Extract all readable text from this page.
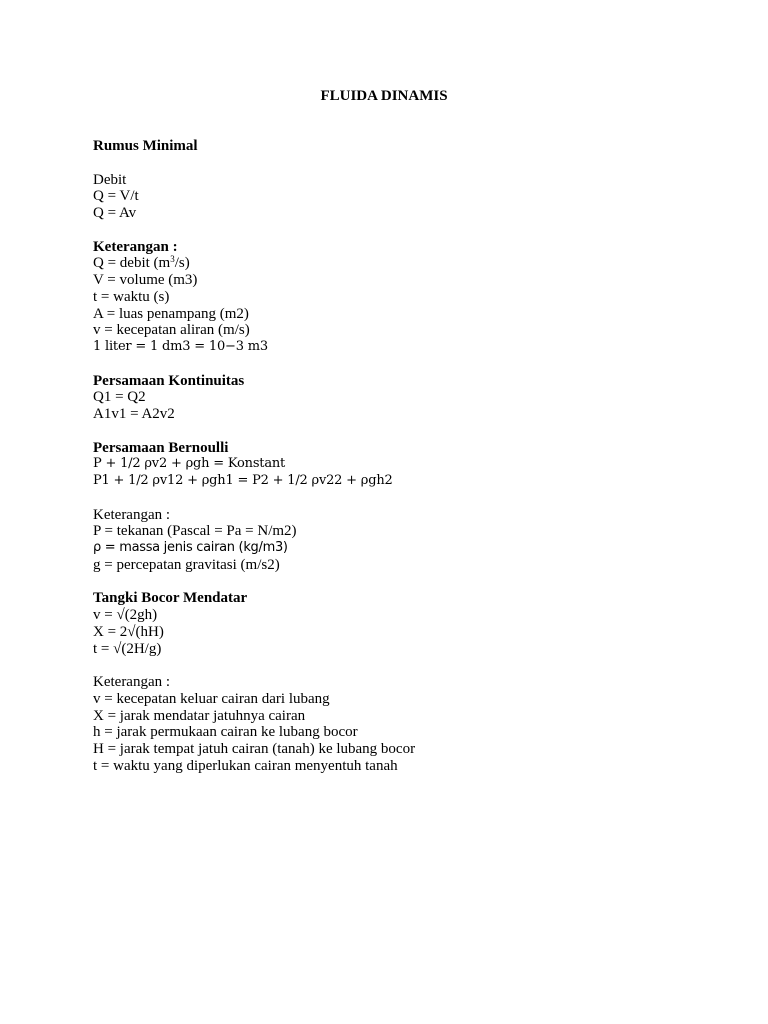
FLUIDA DINAMIS
Rumus Minimal
Debit
Q = V/t
Q = Av
Keterangan :
Q = debit $(m^3/s)$
V = volume (m3)
t = waktu (s)
A = luas penampang (m2)
v = kecepatan aliran (m/s)
1 liter = 1 dm3 = 10−3 m3
Persamaan Kontinuitas
Q1 = Q2
A1v1 = A2v2
Persamaan Bernoulli
P + 1/2 ρv2 + ρgh = Konstant
P1 + 1/2 ρv12 + ρgh1 = P2 + 1/2 ρv22 + ρgh2
Keterangan :
P = tekanan (Pascal = Pa = N/m2)
ρ = massa jenis cairan (kg/m3)
g = percepatan gravitasi (m/s2)
Tangki Bocor Mendatar
v = √(2gh)
X = 2√(hH)
t = √(2H/g)
Keterangan :
v = kecepatan keluar cairan dari lubang
X = jarak mendatar jatuhnya cairan
h = jarak permukaan cairan ke lubang bocor
H = jarak tempat jatuh cairan (tanah) ke lubang bocor
t = waktu yang diperlukan cairan menyentuh tanah
